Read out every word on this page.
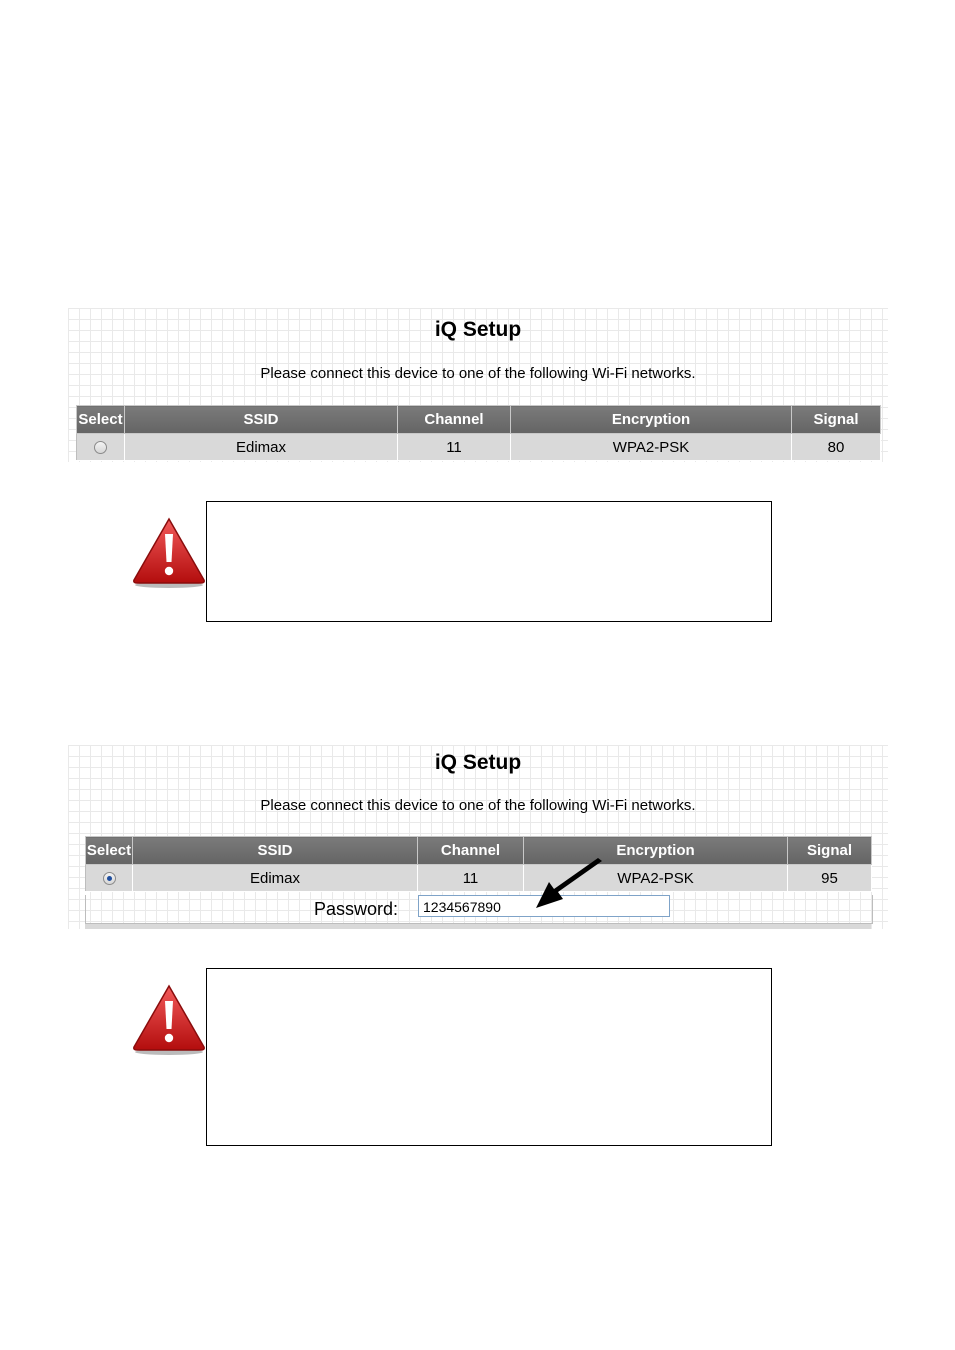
iQ Setup
Please connect this device to one of the following Wi-Fi networks.
Select	SSID	Channel	Encryption	Signal
	Edimax	11	WPA2-PSK	80
iQ Setup
Please connect this device to one of the following Wi-Fi networks.
Select	SSID	Channel	Encryption	Signal
	Edimax	11	WPA2-PSK	95
Password:	1234567890
